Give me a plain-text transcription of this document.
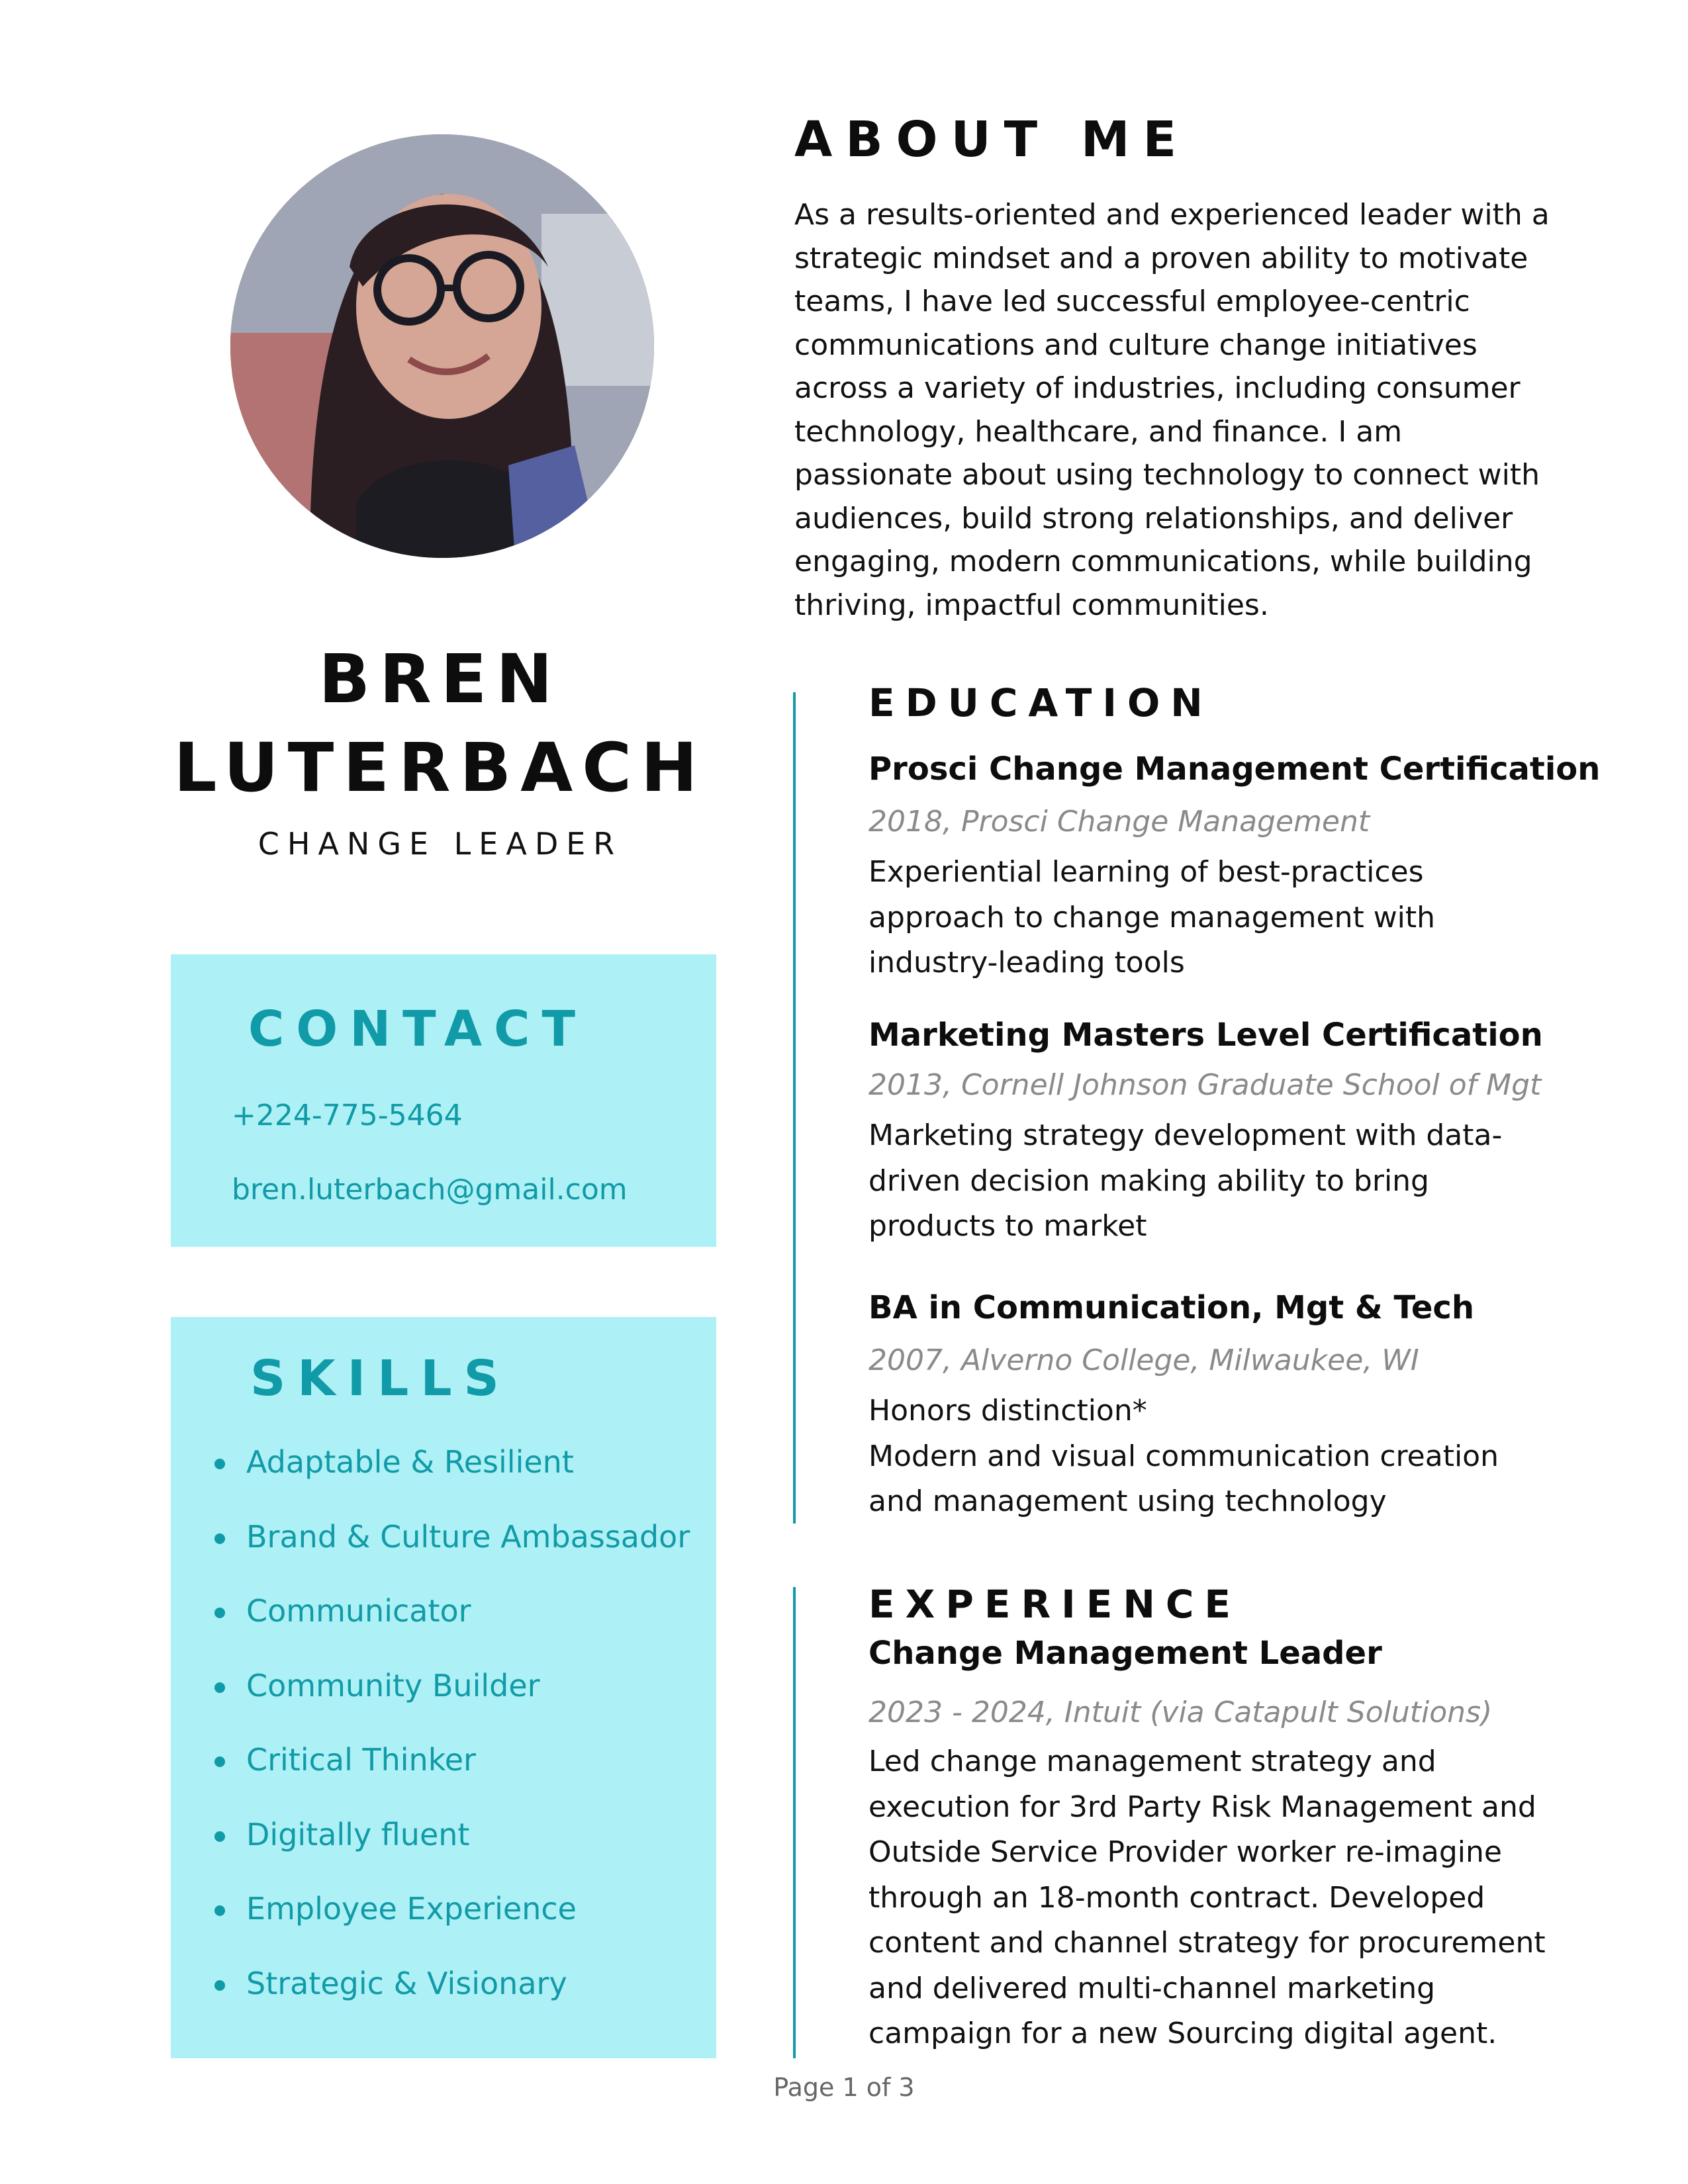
BREN
LUTERBACH
CHANGE LEADER
CONTACT
+224-775-5464
bren.luterbach@gmail.com
SKILLS
Adaptable & Resilient
Brand & Culture Ambassador
Communicator
Community Builder
Critical Thinker
Digitally fluent
Employee Experience
Strategic & Visionary
ABOUT ME
As a results-oriented and experienced leader with a
strategic mindset and a proven ability to motivate
teams, I have led successful employee-centric
communications and culture change initiatives
across a variety of industries, including consumer
technology, healthcare, and finance. I am
passionate about using technology to connect with
audiences, build strong relationships, and deliver
engaging, modern communications, while building
thriving, impactful communities.
EDUCATION
Prosci Change Management Certification
2018, Prosci Change Management
Experiential learning of best-practices
approach to change management with
industry-leading tools
Marketing Masters Level Certification
2013, Cornell Johnson Graduate School of Mgt
Marketing strategy development with data-
driven decision making ability to bring
products to market
BA in Communication, Mgt & Tech
2007, Alverno College, Milwaukee, WI
Honors distinction*
Modern and visual communication creation
and management using technology
EXPERIENCE
Change Management Leader
2023 - 2024, Intuit (via Catapult Solutions)
Led change management strategy and
execution for 3rd Party Risk Management and
Outside Service Provider worker re-imagine
through an 18-month contract. Developed
content and channel strategy for procurement
and delivered multi-channel marketing
campaign for a new Sourcing digital agent.
Page 1 of 3
